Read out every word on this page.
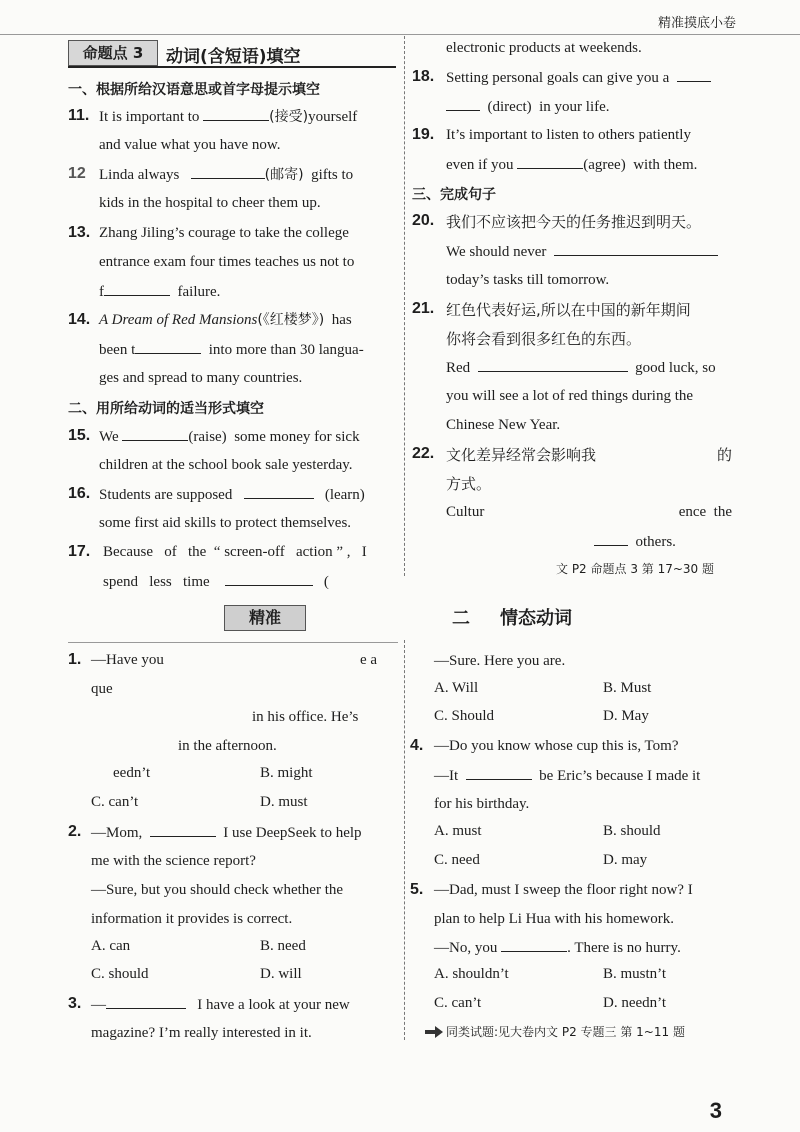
精准摸底小卷
命题点 3	动词(含短语)填空
一、根据所给汉语意思或首字母提示填空
11. It is important to	(接受)yourself
and value what you have now.
12 Linda always	(邮寄) gifts to
kids in the hospital to cheer them up.
13. Zhang Jiling’s courage to take the college
entrance exam four times teaches us not to
f	failure.
14. A Dream of Red Mansions(《红楼梦》) has
been t	into more than 30 langua-
ges and spread to many countries.
二、用所给动词的适当形式填空
15. We	(raise) some money for sick
children at the school book sale yesterday.
16. Students are supposed	(learn)
some first aid skills to protect themselves.
17. Because   of   the  “ screen-off   action ” ,   I
spend   less   time	(
electronic products at weekends.
18. Setting personal goals can give you a
(direct) in your life.
19. It’s important to listen to others patiently
even if you	(agree) with them.
三、完成句子
20. 我们不应该把今天的任务推迟到明天。
We should never
today’s tasks till tomorrow.
21. 红色代表好运,所以在中国的新年期间
你将会看到很多红色的东西。
Red	good luck, so
you will see a lot of red things during the
Chinese New Year.
22. 文化差异经常会影响我	的
方式。
Cultur	ence  the
others.
文 P2 命题点 3 第 17~30 题
精准	二 情态动词
1. —Have you	e a
que
in his office. He’s
in the afternoon.
eedn’t	B. might
C. can’t	D. must
2. —Mom,	I use DeepSeek to help
me with the science report?
—Sure, but you should check whether the
information it provides is correct.
A. can	B. need
C. should	D. will
3. —	I have a look at your new
magazine? I’m really interested in it.
—Sure. Here you are.
A. Will	B. Must
C. Should	D. May
4. —Do you know whose cup this is, Tom?
—It	be Eric’s because I made it
for his birthday.
A. must	B. should
C. need	D. may
5. —Dad, must I sweep the floor right now? I
plan to help Li Hua with his homework.
—No, you	. There is no hurry.
A. shouldn’t	B. mustn’t
C. can’t	D. needn’t
同类试题:见大卷内文 P2 专题三 第 1~11 题
3
